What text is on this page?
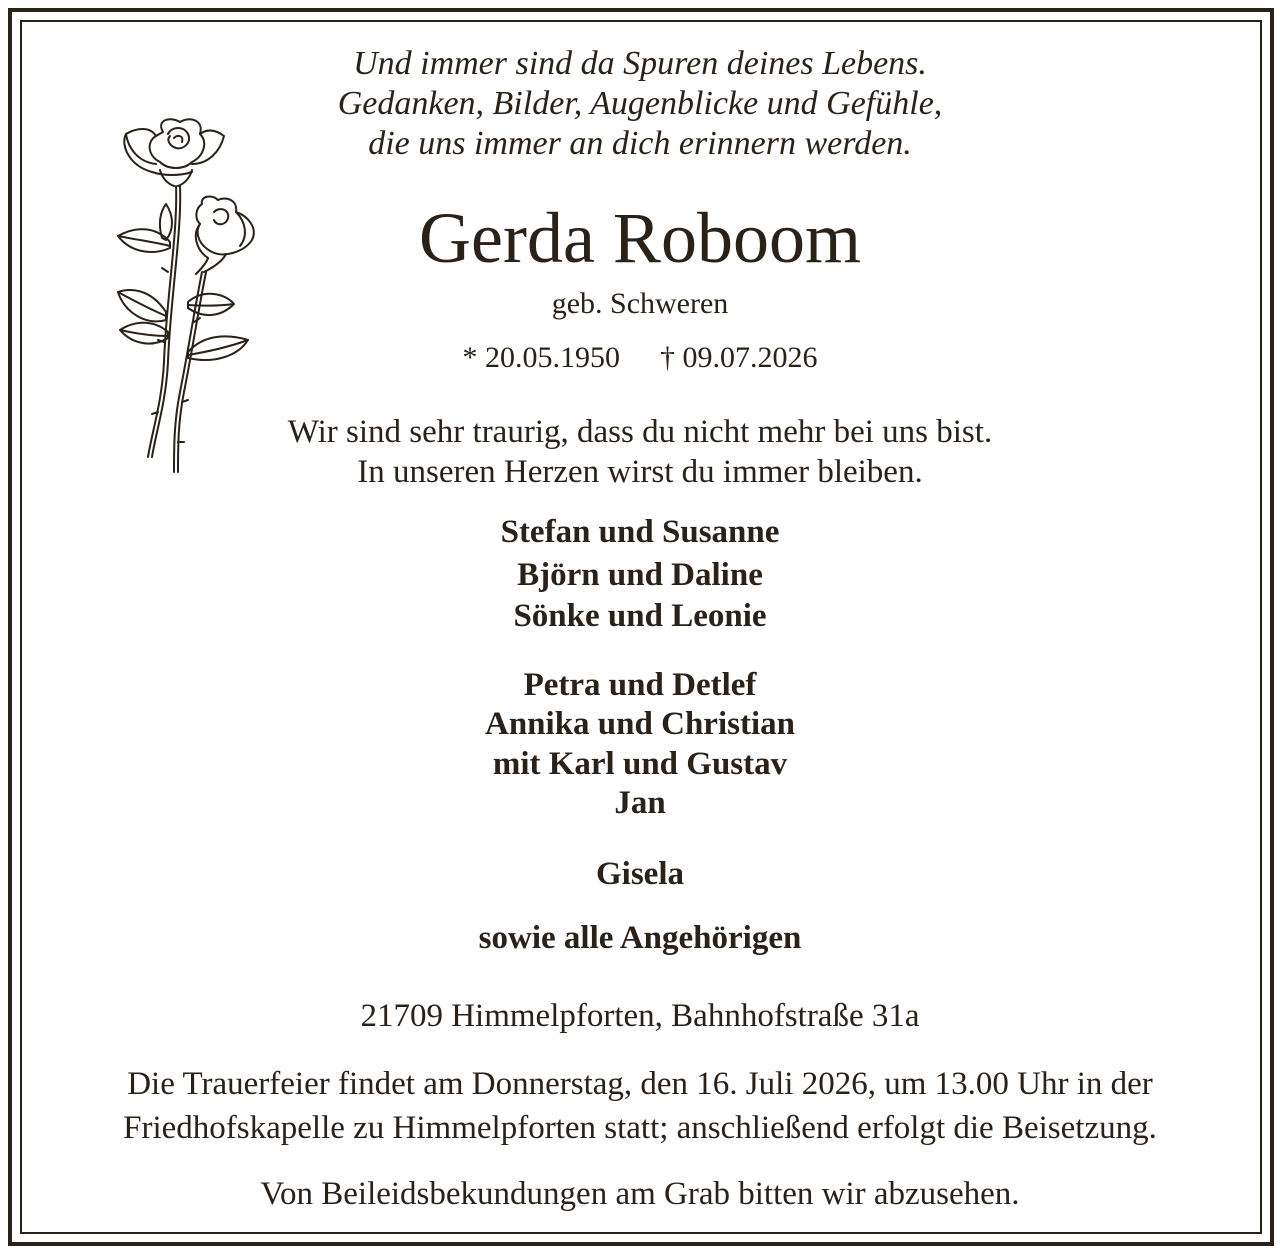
Und immer sind da Spuren deines Lebens.
Gedanken, Bilder, Augenblicke und Gefühle,
die uns immer an dich erinnern werden.
Gerda Roboom
geb. Schweren
* 20.05.1950 † 09.07.2026
Wir sind sehr traurig, dass du nicht mehr bei uns bist.
In unseren Herzen wirst du immer bleiben.
Stefan und Susanne
Björn und Daline
Sönke und Leonie
Petra und Detlef
Annika und Christian
mit Karl und Gustav
Jan
Gisela
sowie alle Angehörigen
21709 Himmelpforten, Bahnhofstraße 31a
Die Trauerfeier findet am Donnerstag, den 16. Juli 2026, um 13.00 Uhr in der
Friedhofskapelle zu Himmelpforten statt; anschließend erfolgt die Beisetzung.
Von Beileidsbekundungen am Grab bitten wir abzusehen.
